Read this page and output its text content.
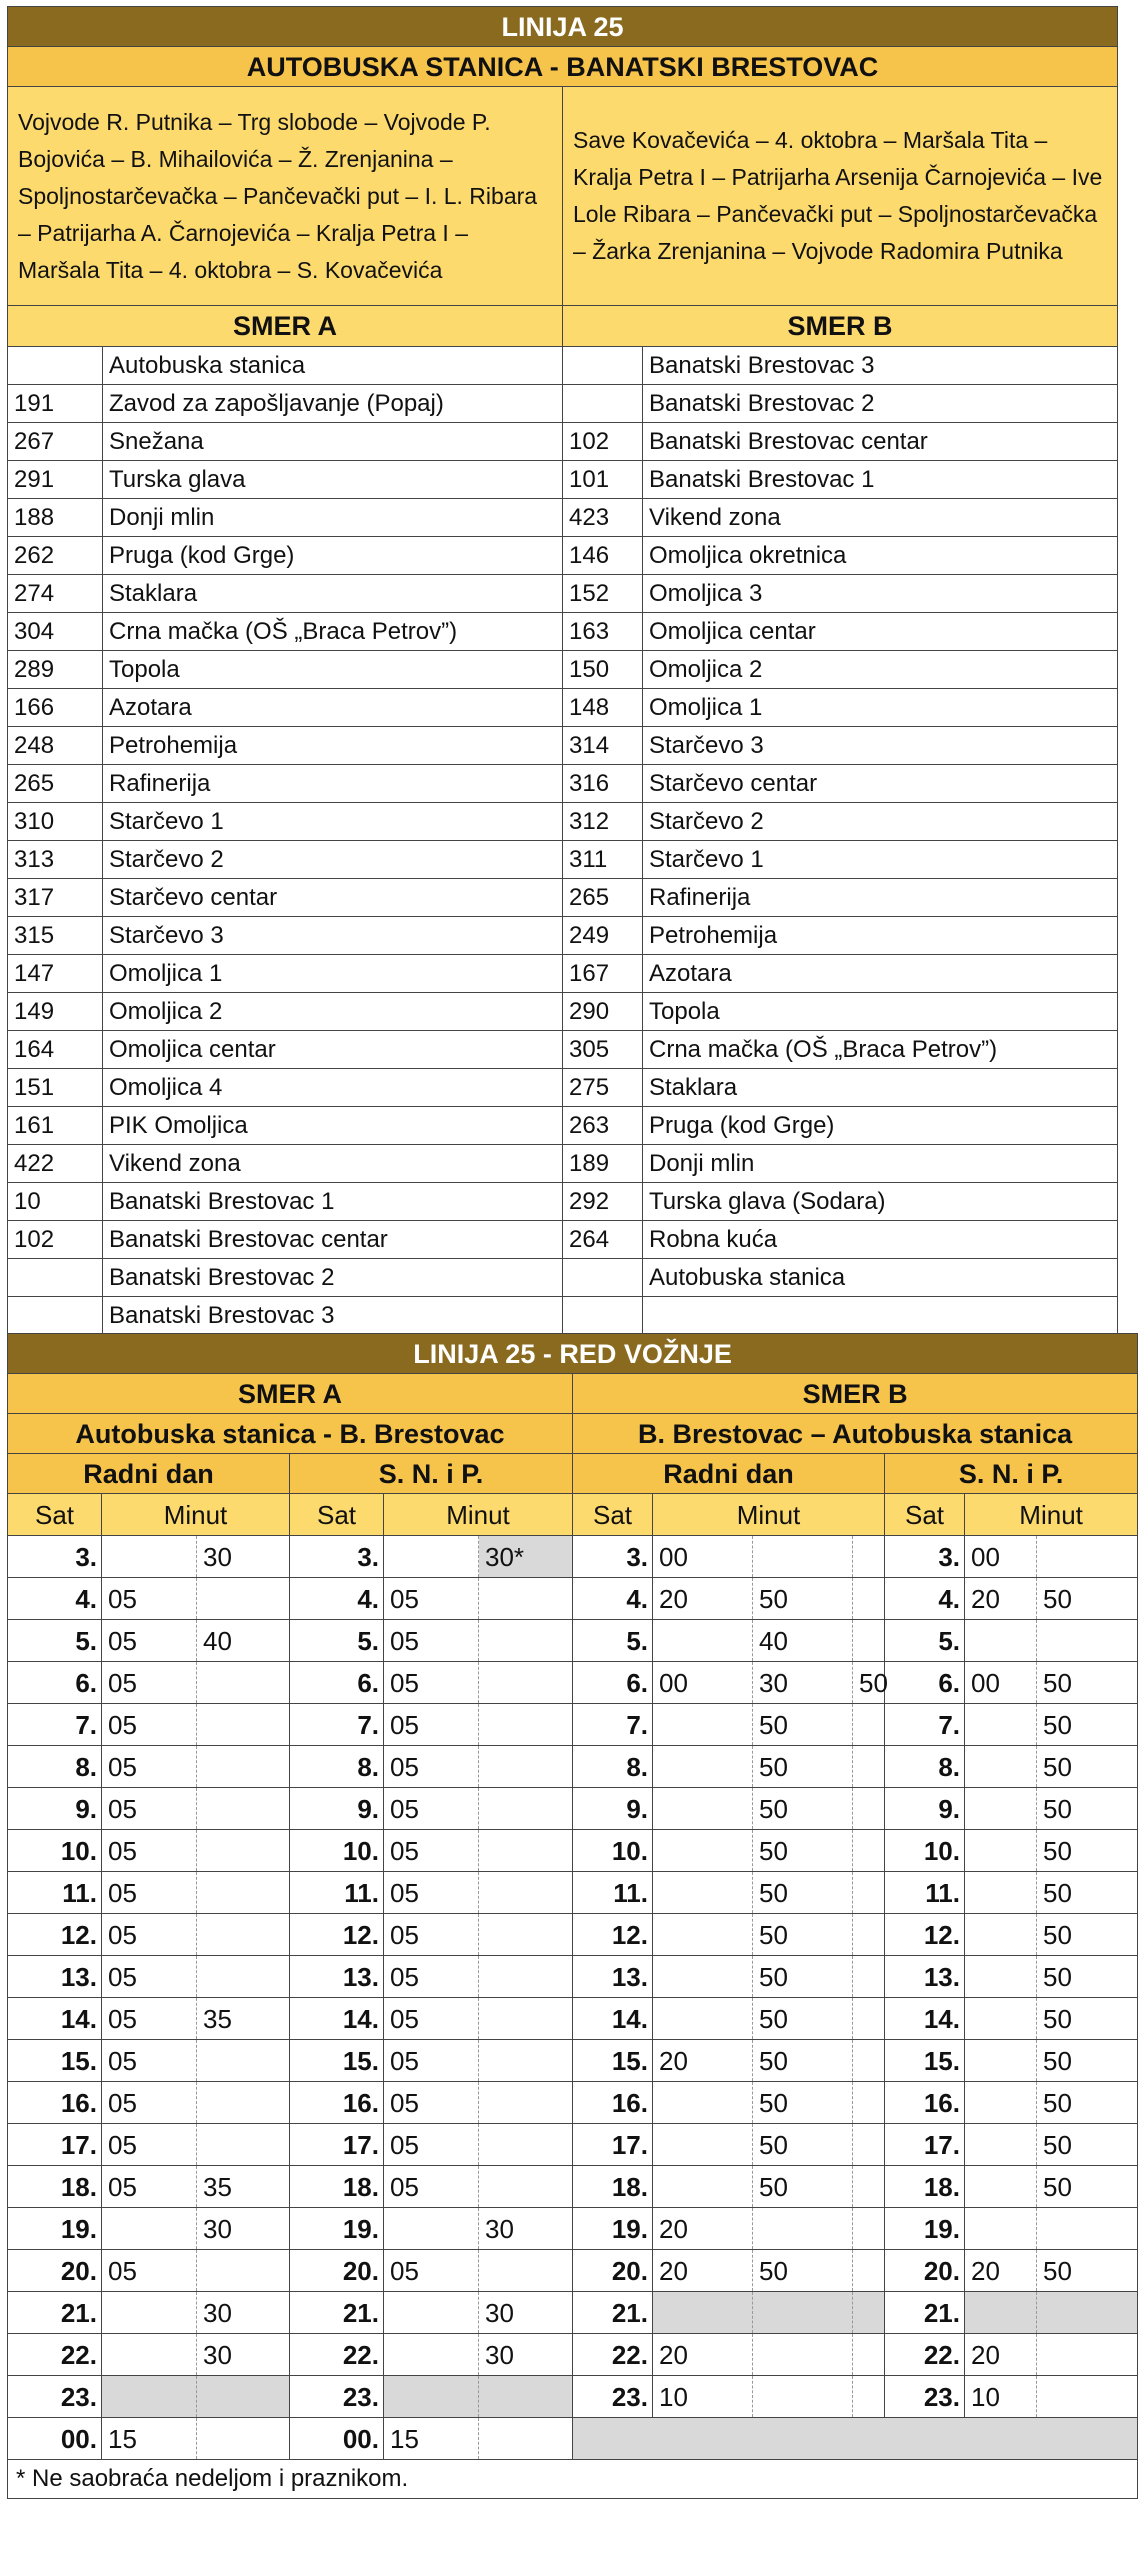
LINIJA 25			
AUTOBUSKA STANICA - BANATSKI BRESTOVAC			
Vojvode R. Putnika – Trg slobode – Vojvode P. Bojovića – B. Mihailovića – Ž. Zrenjanina – Spoljnostarčevačka – Pančevački put – I. L. Ribara – Patrijarha A. Čarnojevića – Kralja Petra I – Maršala Tita – 4. oktobra – S. Kovačevića		Save Kovačevića – 4. oktobra – Maršala Tita – Kralja Petra I – Patrijarha Arsenija Čarnojevića – Ive Lole Ribara – Pančevački put – Spoljnostarčevačka – Žarka Zrenjanina – Vojvode Radomira Putnika	
SMER A		SMER B	
	Autobuska stanica		Banatski Brestovac 3
191	Zavod za zapošljavanje (Popaj)		Banatski Brestovac 2
267	Snežana	102	Banatski Brestovac centar
291	Turska glava	101	Banatski Brestovac 1
188	Donji mlin	423	Vikend zona
262	Pruga (kod Grge)	146	Omoljica okretnica
274	Staklara	152	Omoljica 3
304	Crna mačka (OŠ „Braca Petrov”)	163	Omoljica centar
289	Topola	150	Omoljica 2
166	Azotara	148	Omoljica 1
248	Petrohemija	314	Starčevo 3
265	Rafinerija	316	Starčevo centar
310	Starčevo 1	312	Starčevo 2
313	Starčevo 2	311	Starčevo 1
317	Starčevo centar	265	Rafinerija
315	Starčevo 3	249	Petrohemija
147	Omoljica 1	167	Azotara
149	Omoljica 2	290	Topola
164	Omoljica centar	305	Crna mačka (OŠ „Braca Petrov”)
151	Omoljica 4	275	Staklara
161	PIK Omoljica	263	Pruga (kod Grge)
422	Vikend zona	189	Donji mlin
10	Banatski Brestovac 1	292	Turska glava (Sodara)
102	Banatski Brestovac centar	264	Robna kuća
	Banatski Brestovac 2		Autobuska stanica
	Banatski Brestovac 3		
LINIJA 25 - RED VOŽNJE												
SMER A						SMER B						
Autobuska stanica - B. Brestovac						B. Brestovac – Autobuska stanica						
Radni dan			S. N. i P.			Radni dan				S. N. i P.		
Sat	Minut		Sat	Minut		Sat	Minut			Sat	Minut	
3.		30	3.		30*	3.	00			3.	00	
4.	05		4.	05		4.	20	50		4.	20	50
5.	05	40	5.	05		5.		40		5.		
6.	05		6.	05		6.	00	30	50	6.	00	50
7.	05		7.	05		7.		50		7.		50
8.	05		8.	05		8.		50		8.		50
9.	05		9.	05		9.		50		9.		50
10.	05		10.	05		10.		50		10.		50
11.	05		11.	05		11.		50		11.		50
12.	05		12.	05		12.		50		12.		50
13.	05		13.	05		13.		50		13.		50
14.	05	35	14.	05		14.		50		14.		50
15.	05		15.	05		15.	20	50		15.		50
16.	05		16.	05		16.		50		16.		50
17.	05		17.	05		17.		50		17.		50
18.	05	35	18.	05		18.		50		18.		50
19.		30	19.		30	19.	20			19.		
20.	05		20.	05		20.	20	50		20.	20	50
21.		30	21.		30	21.				21.		
22.		30	22.		30	22.	20			22.	20	
23.			23.			23.	10			23.	10	
00.	15		00.	15								
* Ne saobraća nedeljom i praznikom.												
